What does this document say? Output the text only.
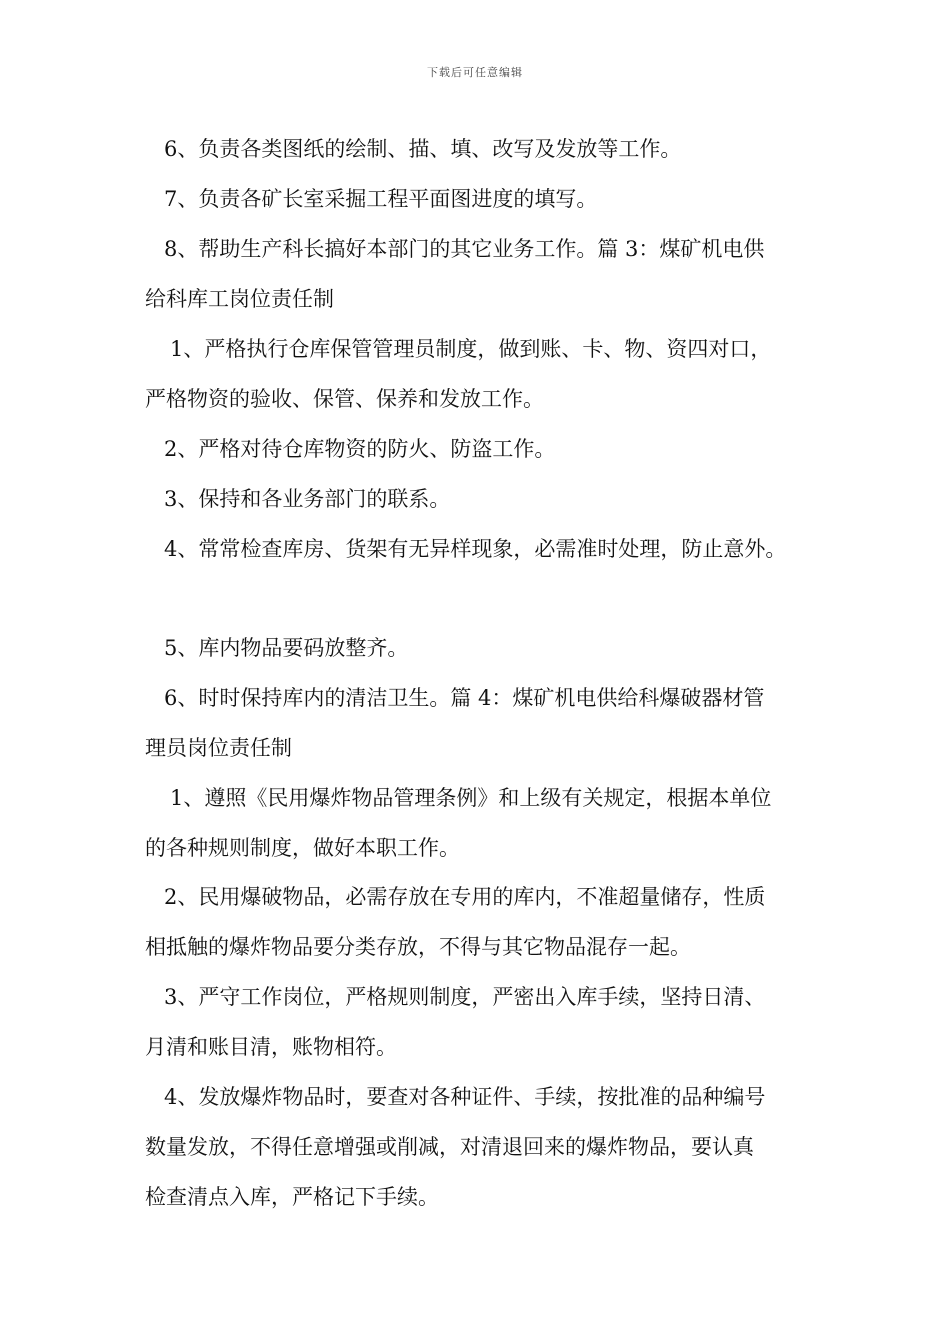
下载后可任意编辑
6、负责各类图纸的绘制、描、填、改写及发放等工作。
7、负责各矿长室采掘工程平面图进度的填写。
8、帮助生产科长搞好本部门的其它业务工作。篇 3：煤矿机电供
给科库工岗位责任制
1、严格执行仓库保管管理员制度，做到账、卡、物、资四对口，
严格物资的验收、保管、保养和发放工作。
2、严格对待仓库物资的防火、防盗工作。
3、保持和各业务部门的联系。
4、常常检查库房、货架有无异样现象，必需准时处理，防止意外。
5、库内物品要码放整齐。
6、时时保持库内的清洁卫生。篇 4：煤矿机电供给科爆破器材管
理员岗位责任制
1、遵照《民用爆炸物品管理条例》和上级有关规定，根据本单位
的各种规则制度，做好本职工作。
2、民用爆破物品，必需存放在专用的库内，不准超量储存，性质
相抵触的爆炸物品要分类存放，不得与其它物品混存一起。
3、严守工作岗位，严格规则制度，严密出入库手续，坚持日清、
月清和账目清，账物相符。
4、发放爆炸物品时，要查对各种证件、手续，按批准的品种编号
数量发放，不得任意增强或削减，对清退回来的爆炸物品，要认真
检查清点入库，严格记下手续。
